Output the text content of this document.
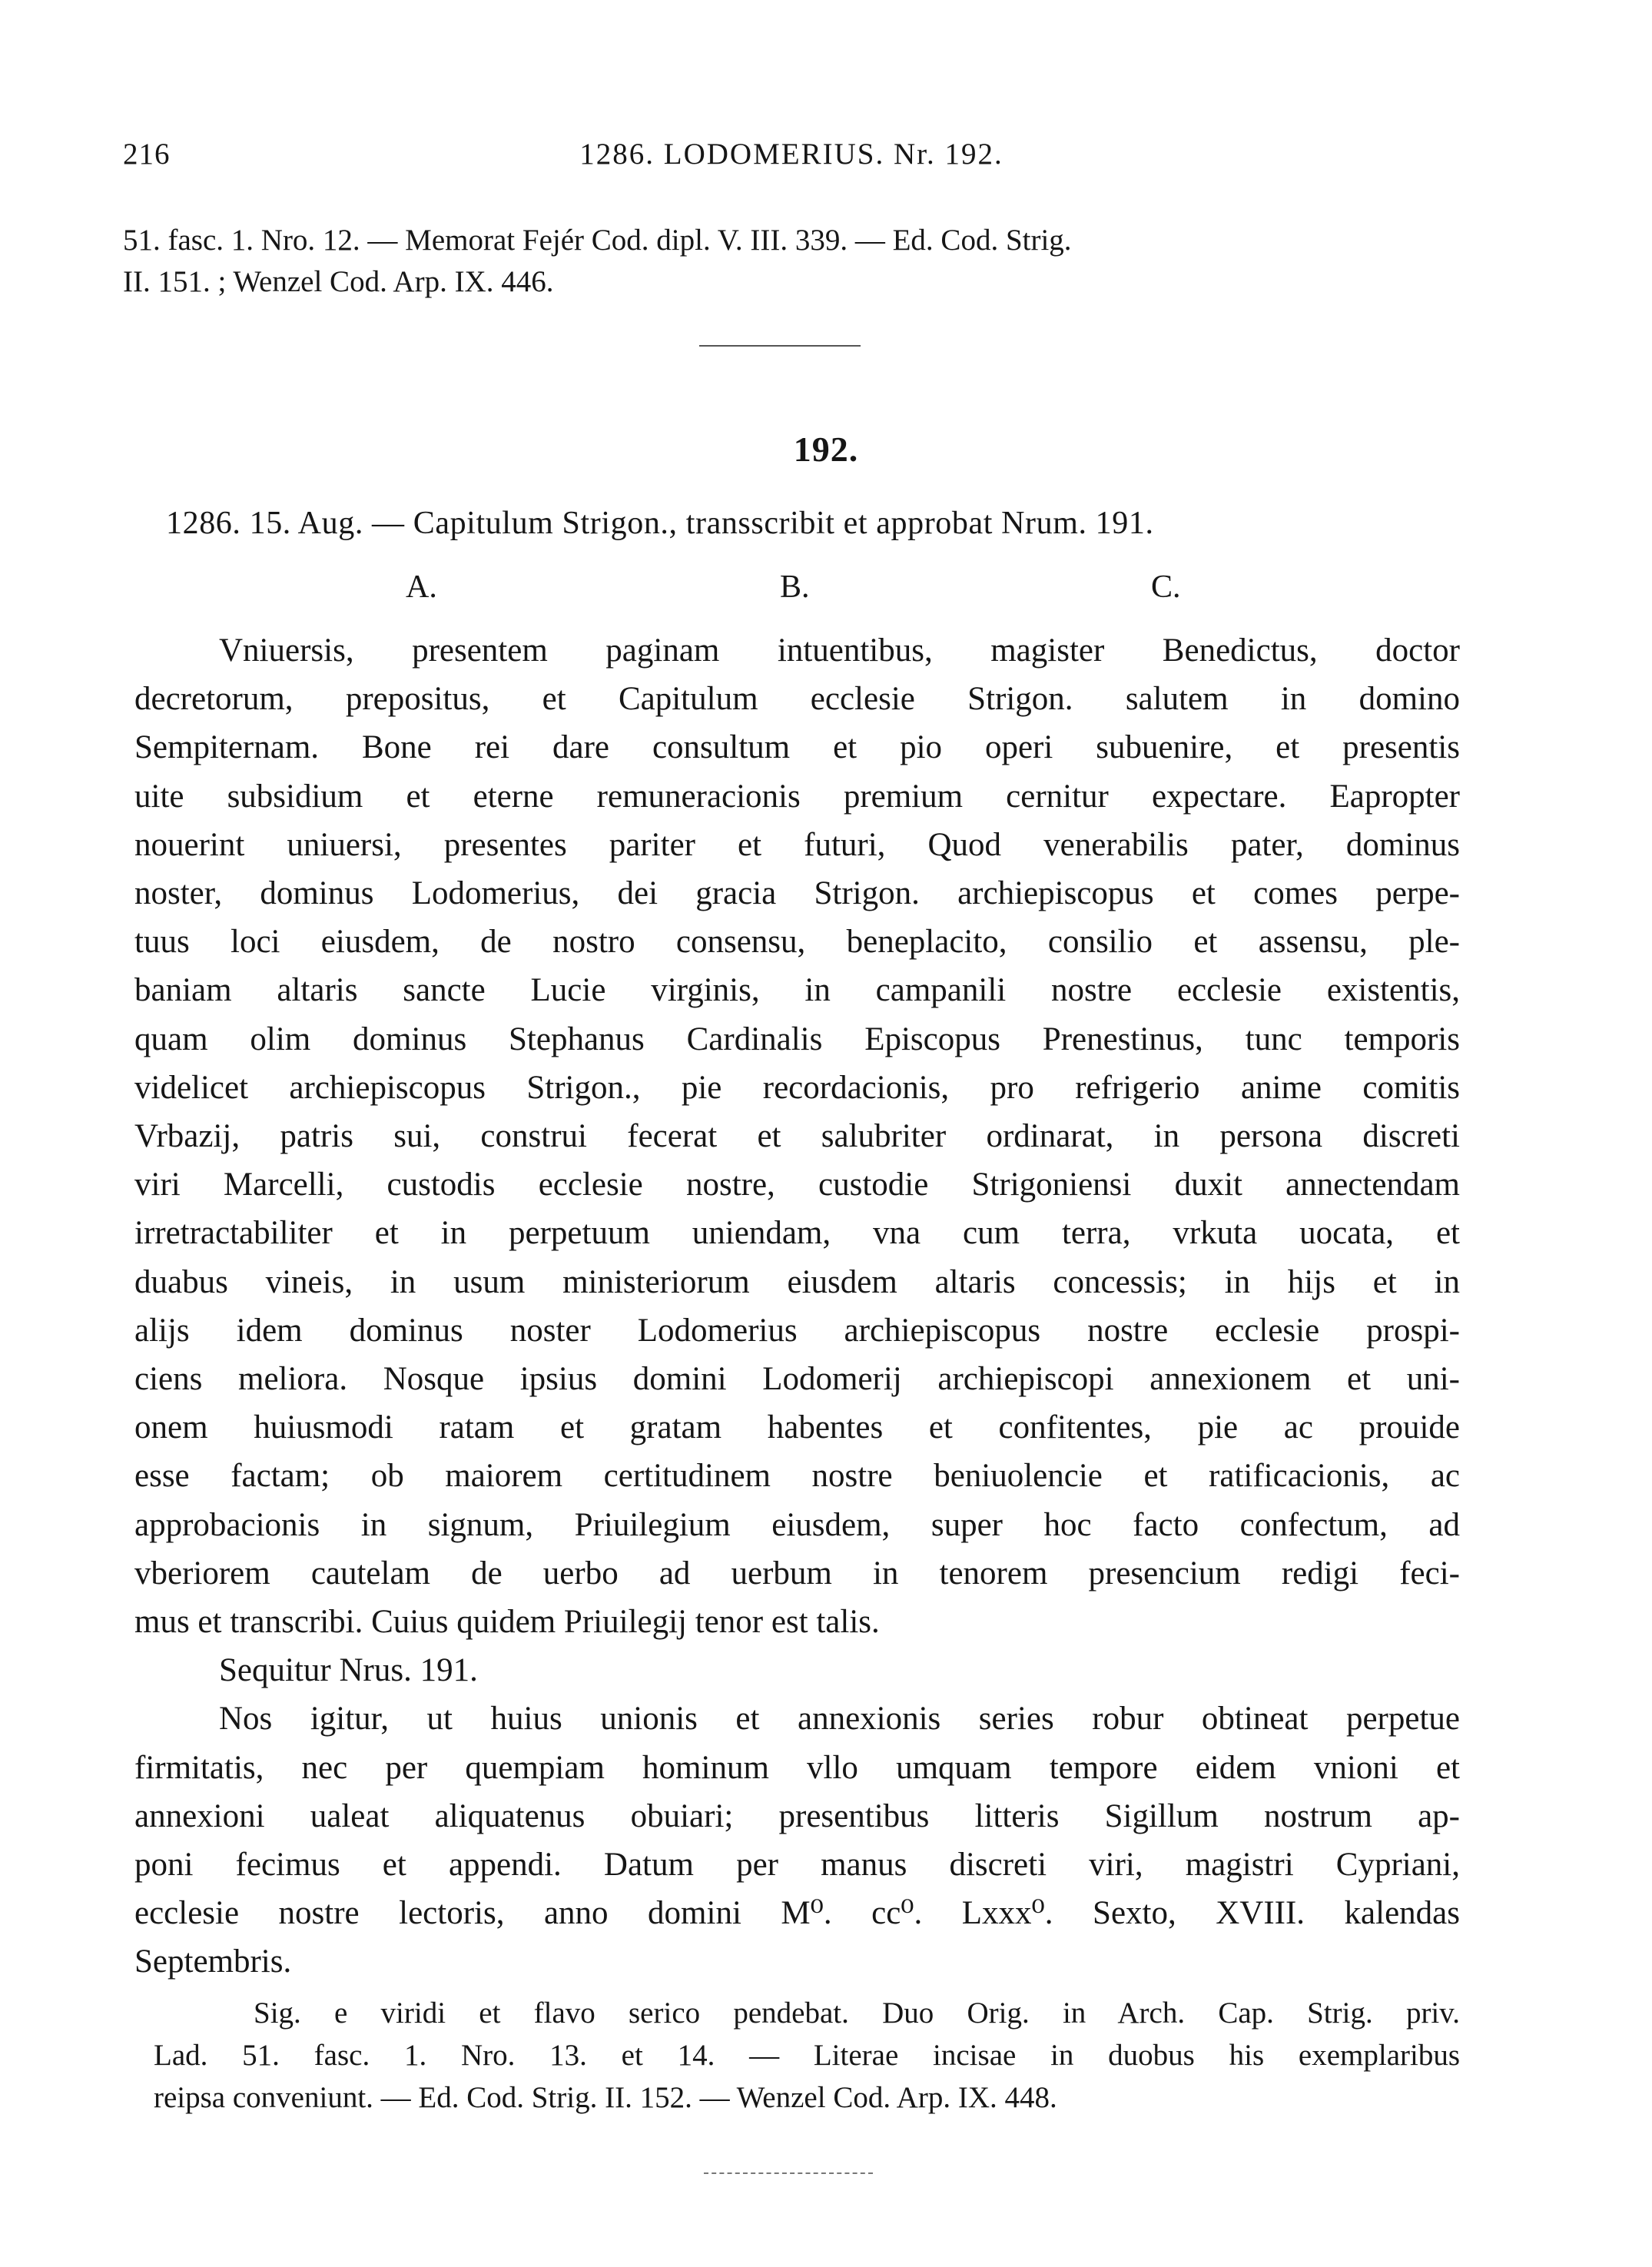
216	1286. LODOMERIUS. Nr. 192.
51. fasc. 1. Nro. 12. — Memorat Fejér Cod. dipl. V. III. 339. — Ed. Cod. Strig.
II. 151. ; Wenzel Cod. Arp. IX. 446.
192.
1286. 15. Aug. — Capitulum Strigon., transscribit et approbat Nrum. 191.
A.	B.	C.
Vniuersis, presentem paginam intuentibus, magister Benedictus, doctor
decretorum, prepositus, et Capitulum ecclesie Strigon. salutem in domino
Sempiternam. Bone rei dare consultum et pio operi subuenire, et presentis
uite subsidium et eterne remuneracionis premium cernitur expectare. Eapropter
nouerint uniuersi, presentes pariter et futuri, Quod venerabilis pater, dominus
noster, dominus Lodomerius, dei gracia Strigon. archiepiscopus et comes perpe-
tuus loci eiusdem, de nostro consensu, beneplacito, consilio et assensu, ple-
baniam altaris sancte Lucie virginis, in campanili nostre ecclesie existentis,
quam olim dominus Stephanus Cardinalis Episcopus Prenestinus, tunc temporis
videlicet archiepiscopus Strigon., pie recordacionis, pro refrigerio anime comitis
Vrbazij, patris sui, construi fecerat et salubriter ordinarat, in persona discreti
viri Marcelli, custodis ecclesie nostre, custodie Strigoniensi duxit annectendam
irretractabiliter et in perpetuum uniendam, vna cum terra, vrkuta uocata, et
duabus vineis, in usum ministeriorum eiusdem altaris concessis; in hijs et in
alijs idem dominus noster Lodomerius archiepiscopus nostre ecclesie prospi-
ciens meliora. Nosque ipsius domini Lodomerij archiepiscopi annexionem et uni-
onem huiusmodi ratam et gratam habentes et confitentes, pie ac prouide
esse factam; ob maiorem certitudinem nostre beniuolencie et ratificacionis, ac
approbacionis in signum, Priuilegium eiusdem, super hoc facto confectum, ad
vberiorem cautelam de uerbo ad uerbum in tenorem presencium redigi feci-
mus et transcribi. Cuius quidem Priuilegij tenor est talis.
Sequitur Nrus. 191.
Nos igitur, ut huius unionis et annexionis series robur obtineat perpetue
firmitatis, nec per quempiam hominum vllo umquam tempore eidem vnioni et
annexioni ualeat aliquatenus obuiari; presentibus litteris Sigillum nostrum ap-
poni fecimus et appendi. Datum per manus discreti viri, magistri Cypriani,
ecclesie nostre lectoris, anno domini M⁰. cc⁰. Lxxx⁰. Sexto, XVIII. kalendas
Septembris.
Sig. e viridi et flavo serico pendebat. Duo Orig. in Arch. Cap. Strig. priv.
Lad. 51. fasc. 1. Nro. 13. et 14. — Literae incisae in duobus his exemplaribus
reipsa conveniunt. — Ed. Cod. Strig. II. 152. — Wenzel Cod. Arp. IX. 448.
